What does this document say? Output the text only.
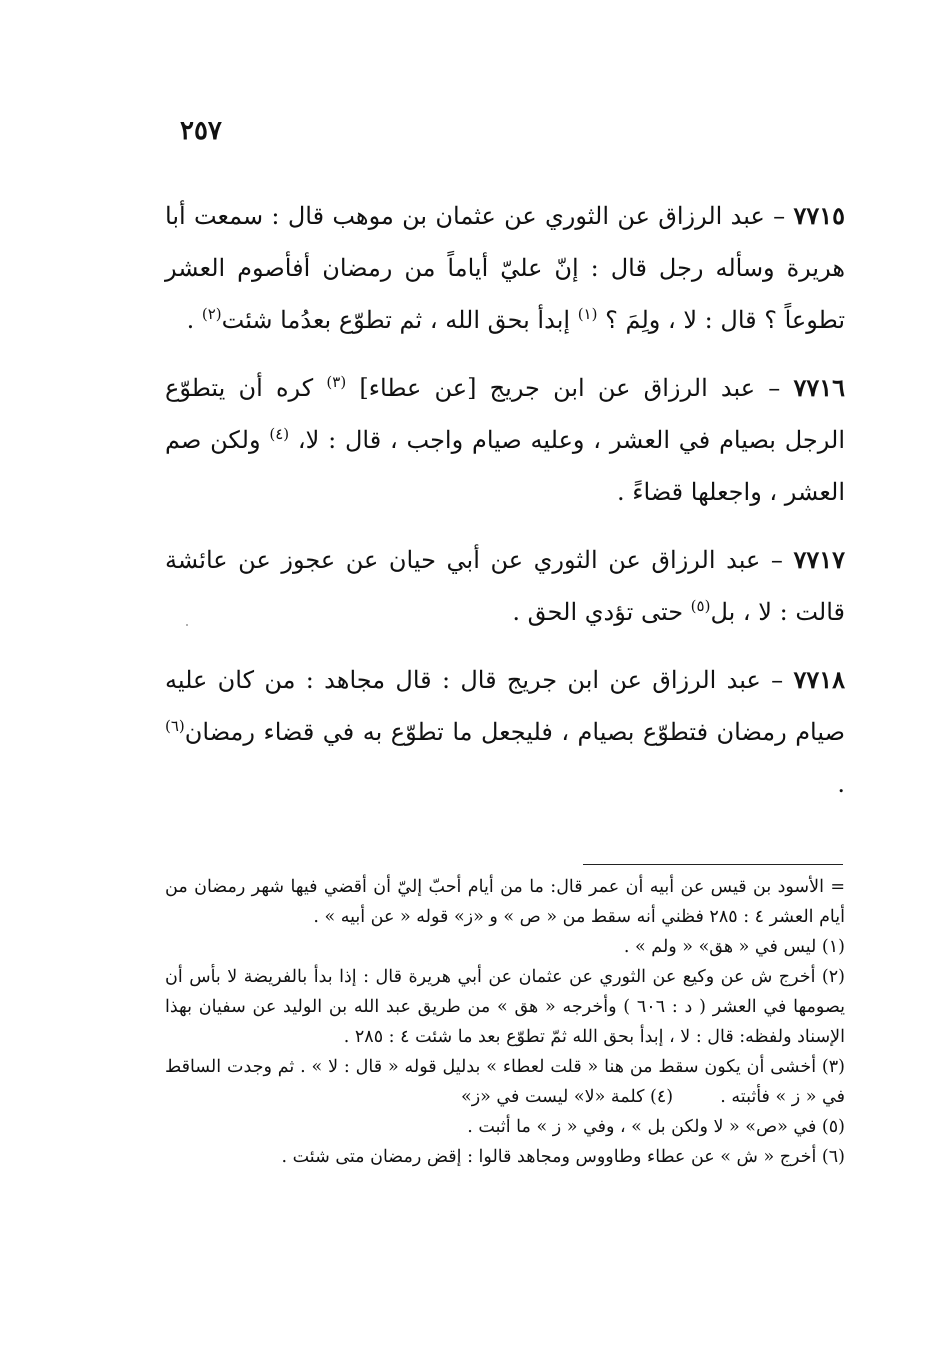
٢٥٧

٧٧١٥ – عبد الرزاق عن الثوري عن عثمان بن موهب قال : سمعت أبا هريرة وسأله رجل قال : إنّ عليّ أياماً من رمضان أفأصوم العشر تطوعاً ؟ قال : لا ، ولِمَ ؟ $^{(١)}$ إبدأ بحق الله ، ثم تطوّع بعدُما شئت$^{(٢)}$ .

٧٧١٦ – عبد الرزاق عن ابن جريج [عن عطاء] $^{(٣)}$ كره أن يتطوّع الرجل بصيام في العشر ، وعليه صيام واجب ، قال : لا، $^{(٤)}$ ولكن صم العشر ، واجعلها قضاءً .

٧٧١٧ – عبد الرزاق عن الثوري عن أبي حيان عن عجوز عن عائشة قالت : لا ، بل$^{(٥)}$ حتى تؤدي الحق .

٧٧١٨ – عبد الرزاق عن ابن جريج قال : قال مجاهد : من كان عليه صيام رمضان فتطوّع بصيام ، فليجعل ما تطوّع به في قضاء رمضان$^{(٦)}$ .

= الأسود بن قيس عن أبيه أن عمر قال: ما من أيام أحبّ إليّ أن أقضي فيها شهر رمضان من أيام العشر ٤ : ٢٨٥ فظني أنه سقط من « ص » و «ز» قوله « عن أبيه » .

(١) ليس في « هق» « ولم » .

(٢) أخرج ش عن وكيع عن الثوري عن عثمان عن أبي هريرة قال : إذا بدأ بالفريضة لا بأس أن يصومها في العشر ( د : ٦٠٦ ) وأخرجه « هق » من طريق عبد الله بن الوليد عن سفيان بهذا الإسناد ولفظه: قال : لا ، إبدأ بحق الله ثمّ تطوّع بعد ما شئت ٤ : ٢٨٥ .

(٣) أخشى أن يكون سقط من هنا « قلت لعطاء » بدليل قوله « قال : لا » . ثم وجدت الساقط في « ز » فأثبته .  (٤) كلمة «لا» ليست في «ز»

(٥) في «ص» « لا ولكن بل » ، وفي « ز » ما أثبت .

(٦) أخرج « ش » عن عطاء وطاووس ومجاهد قالوا : إقض رمضان متى شئت .
